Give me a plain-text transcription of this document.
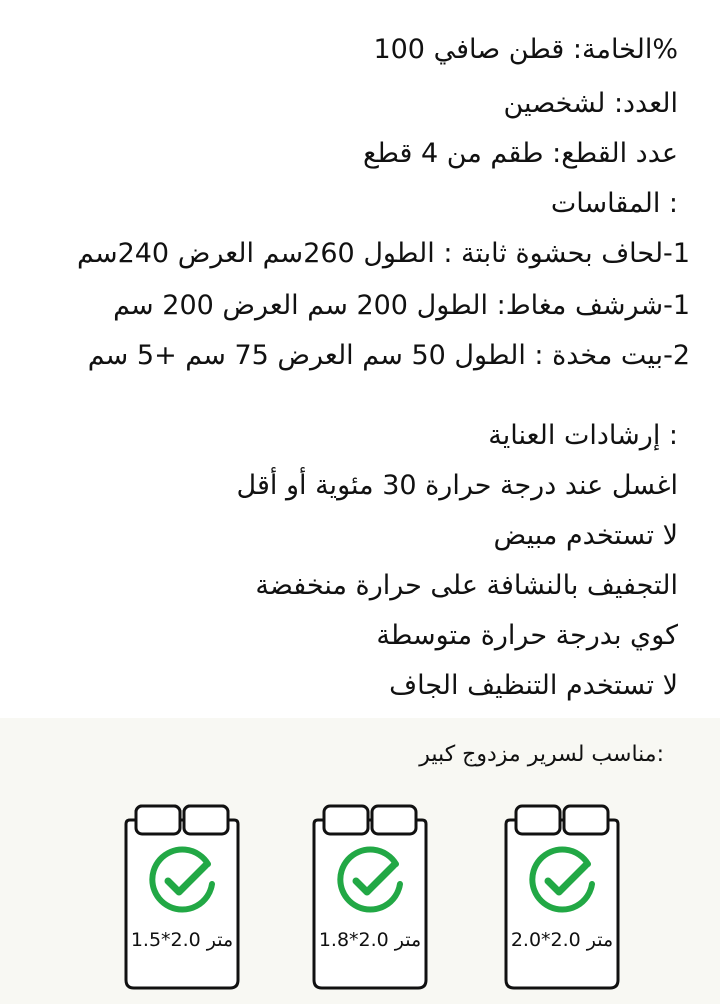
%الخامة: قطن صافي 100
العدد: لشخصين
عدد القطع: طقم من 4 قطع
: المقاسات
1-لحاف بحشوة ثابتة : الطول 260سم العرض 240سم
1-شرشف مغاط: الطول 200 سم العرض 200 سم
2-بيت مخدة : الطول 50 سم العرض 75 سم +5 سم
: إرشادات العناية
اغسل عند درجة حرارة 30 مئوية أو أقل
لا تستخدم مبيض
التجفيف بالنشافة على حرارة منخفضة
كوي بدرجة حرارة متوسطة
لا تستخدم التنظيف الجاف
:مناسب لسرير مزدوج كبير
متر 2.0*1.5	متر 2.0*1.8	متر 2.0*2.0
